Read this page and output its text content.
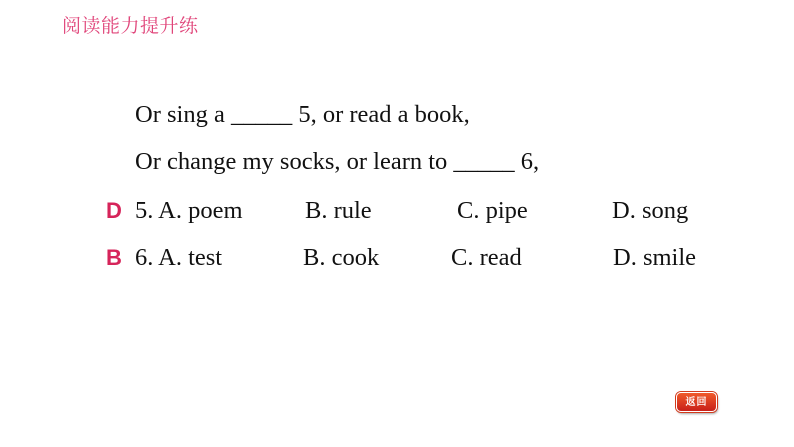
阅读能力提升练
Or sing a _____ 5, or read a book,
Or change my socks, or learn to _____ 6,
D 5. A. poem	B. rule	C. pipe	D. song
B 6. A. test	B. cook	C. read	D. smile
返回
